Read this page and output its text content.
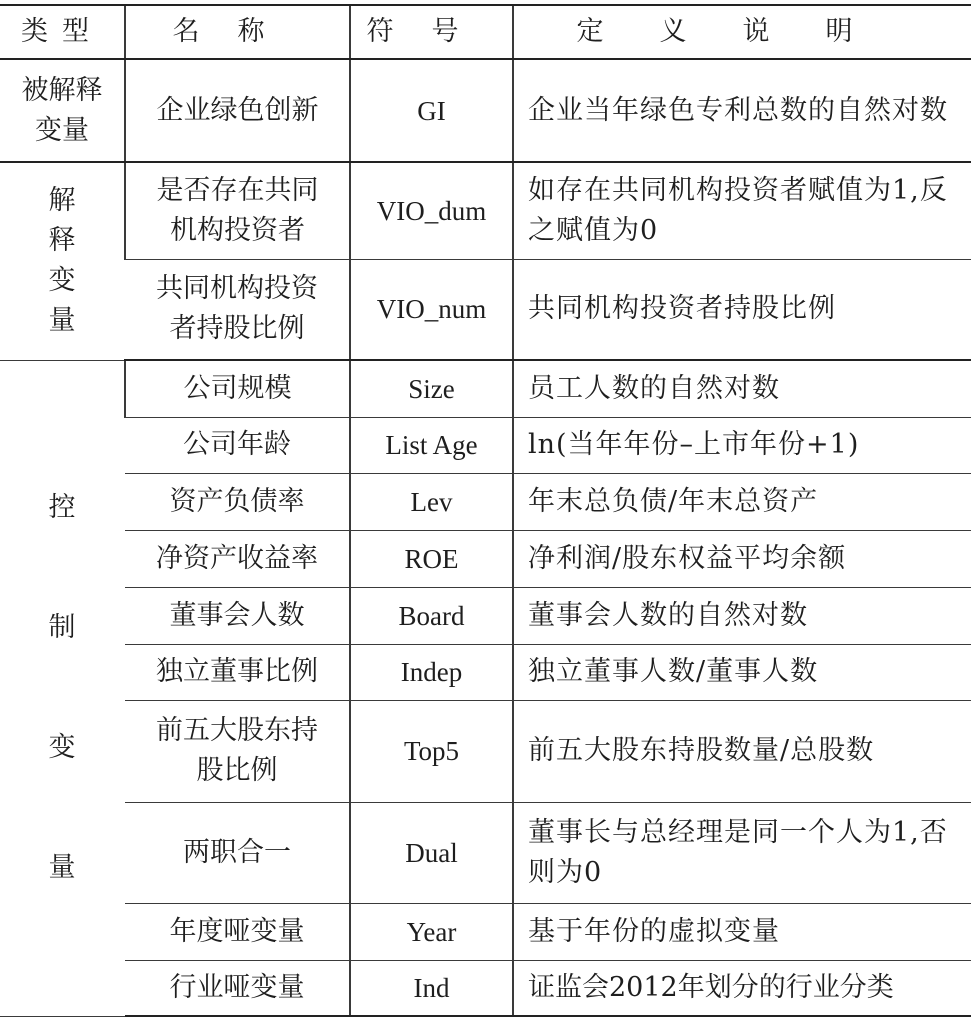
类型	名称	符号	定义说明
被解释变量	企业绿色创新	GI	企业当年绿色专利总数的自然对数
解释变量	是否存在共同机构投资者	VIO_dum	如存在共同机构投资者赋值为1,反之赋值为0
	共同机构投资者持股比例	VIO_num	共同机构投资者持股比例
控制变量	公司规模	Size	员工人数的自然对数
	公司年龄	List Age	ln(当年年份–上市年份+1)
	资产负债率	Lev	年末总负债/年末总资产
	净资产收益率	ROE	净利润/股东权益平均余额
	董事会人数	Board	董事会人数的自然对数
	独立董事比例	Indep	独立董事人数/董事人数
	前五大股东持股比例	Top5	前五大股东持股数量/总股数
	两职合一	Dual	董事长与总经理是同一个人为1,否则为0
	年度哑变量	Year	基于年份的虚拟变量
	行业哑变量	Ind	证监会2012年划分的行业分类
